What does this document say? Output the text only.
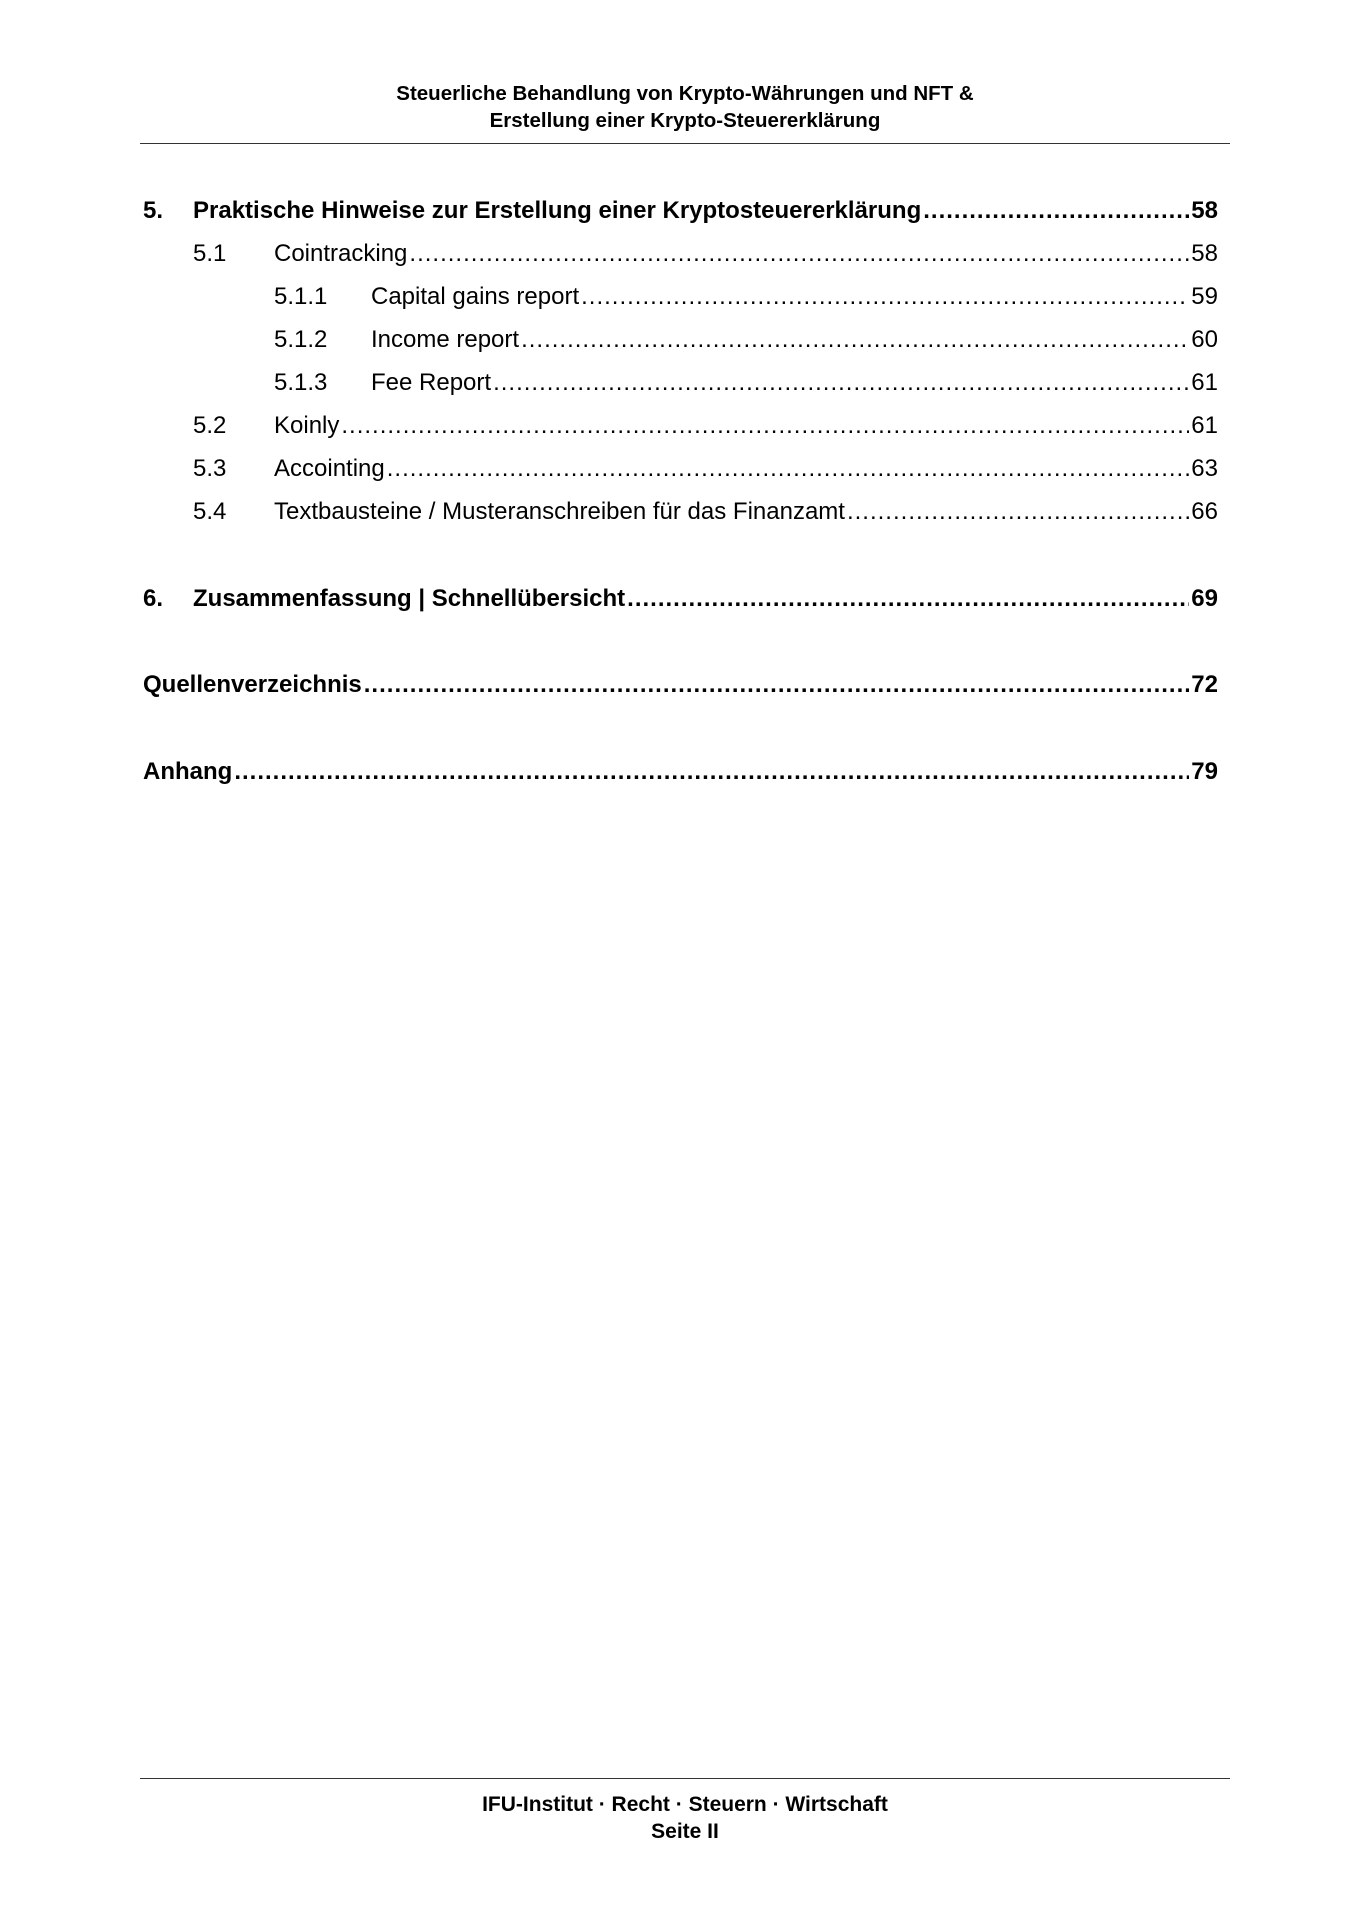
Steuerliche Behandlung von Krypto-Währungen und NFT &
Erstellung einer Krypto-Steuererklärung
5.	Praktische Hinweise zur Erstellung einer Kryptosteuererklärung .....	58
5.1	Cointracking .....	58
5.1.1	Capital gains report .....	59
5.1.2	Income report .....	60
5.1.3	Fee Report .....	61
5.2	Koinly .....	61
5.3	Accointing .....	63
5.4	Textbausteine / Musteranschreiben für das Finanzamt .....	66
6.	Zusammenfassung | Schnellübersicht .....	69
Quellenverzeichnis .....	72
Anhang .....	79
IFU-Institut · Recht · Steuern · Wirtschaft
Seite II
